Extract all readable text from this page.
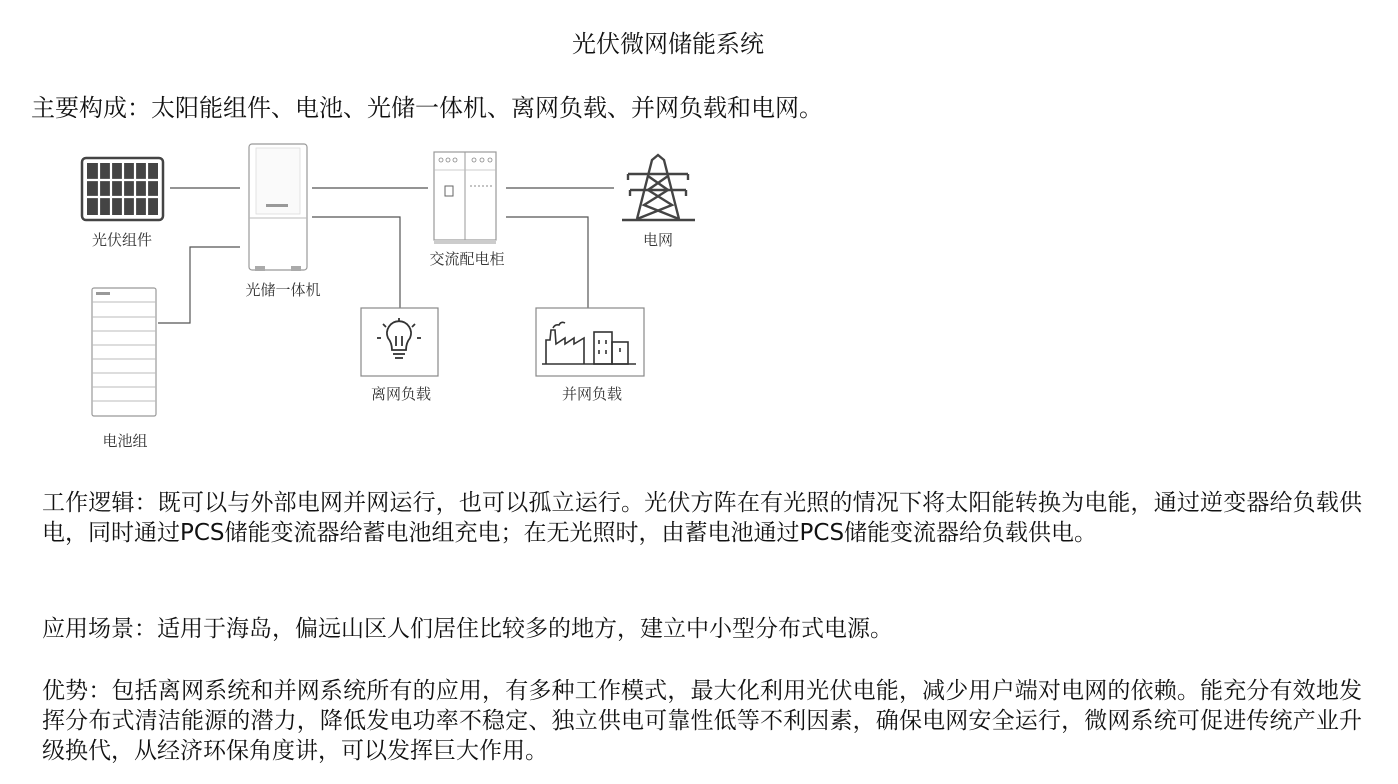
光伏微网储能系统
主要构成：太阳能组件、电池、光储一体机、离网负载、并网负载和电网。
光伏组件
光储一体机
交流配电柜
电网
电池组
离网负载	并网负载
工作逻辑：既可以与外部电网并网运行，也可以孤立运行。光伏方阵在有光照的情况下将太阳能转换为电能，通过逆变器给负载供电，同时通过PCS储能变流器给蓄电池组充电；在无光照时，由蓄电池通过PCS储能变流器给负载供电。
应用场景：适用于海岛，偏远山区人们居住比较多的地方，建立中小型分布式电源。
优势：包括离网系统和并网系统所有的应用，有多种工作模式，最大化利用光伏电能，减少用户端对电网的依赖。能充分有效地发挥分布式清洁能源的潜力，降低发电功率不稳定、独立供电可靠性低等不利因素，确保电网安全运行，微网系统可促进传统产业升级换代，从经济环保角度讲，可以发挥巨大作用。
